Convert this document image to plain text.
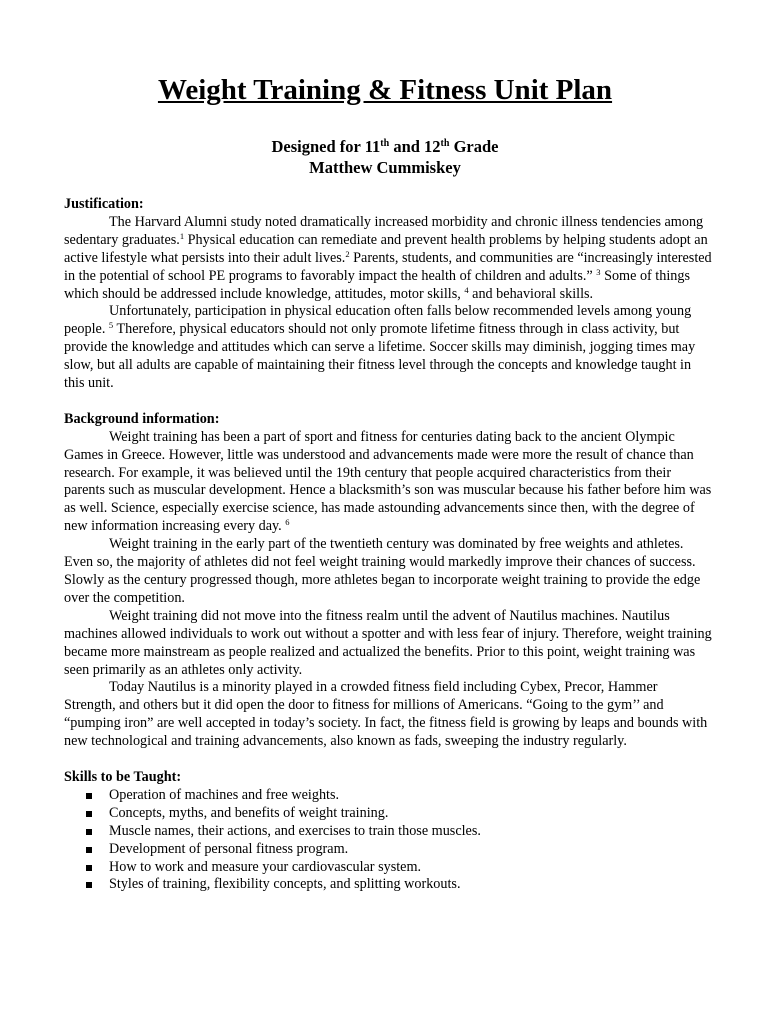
Weight Training & Fitness Unit Plan
Designed for 11th and 12th Grade
Matthew Cummiskey

Justification:

The Harvard Alumni study noted dramatically increased morbidity and chronic illness tendencies among sedentary graduates.$^1$ Physical education can remediate and prevent health problems by helping students adopt an active lifestyle what persists into their adult lives.$^2$ Parents, students, and communities are “increasingly interested in the potential of school PE programs to favorably impact the health of children and adults.” $^3$ Some of things which should be addressed include knowledge, attitudes, motor skills, $^4$ and behavioral skills.

Unfortunately, participation in physical education often falls below recommended levels among young people. $^5$ Therefore, physical educators should not only promote lifetime fitness through in class activity, but provide the knowledge and attitudes which can serve a lifetime. Soccer skills may diminish, jogging times may slow, but all adults are capable of maintaining their fitness level through the concepts and knowledge taught in this unit.

Background information:

Weight training has been a part of sport and fitness for centuries dating back to the ancient Olympic Games in Greece. However, little was understood and advancements made were more the result of chance than research. For example, it was believed until the 19th century that people acquired characteristics from their parents such as muscular development. Hence a blacksmith’s son was muscular because his father before him was as well. Science, especially exercise science, has made astounding advancements since then, with the degree of new information increasing every day. $^6$

Weight training in the early part of the twentieth century was dominated by free weights and athletes. Even so, the majority of athletes did not feel weight training would markedly improve their chances of success. Slowly as the century progressed though, more athletes began to incorporate weight training to provide the edge over the competition.

Weight training did not move into the fitness realm until the advent of Nautilus machines. Nautilus machines allowed individuals to work out without a spotter and with less fear of injury. Therefore, weight training became more mainstream as people realized and actualized the benefits. Prior to this point, weight training was seen primarily as an athletes only activity.

Today Nautilus is a minority played in a crowded fitness field including Cybex, Precor, Hammer Strength, and others but it did open the door to fitness for millions of Americans. “Going to the gym’’ and “pumping iron” are well accepted in today’s society. In fact, the fitness field is growing by leaps and bounds with new technological and training advancements, also known as fads, sweeping the industry regularly.

Skills to be Taught:

Operation of machines and free weights.
Concepts, myths, and benefits of weight training.
Muscle names, their actions, and exercises to train those muscles.
Development of personal fitness program.
How to work and measure your cardiovascular system.
Styles of training, flexibility concepts, and splitting workouts.
